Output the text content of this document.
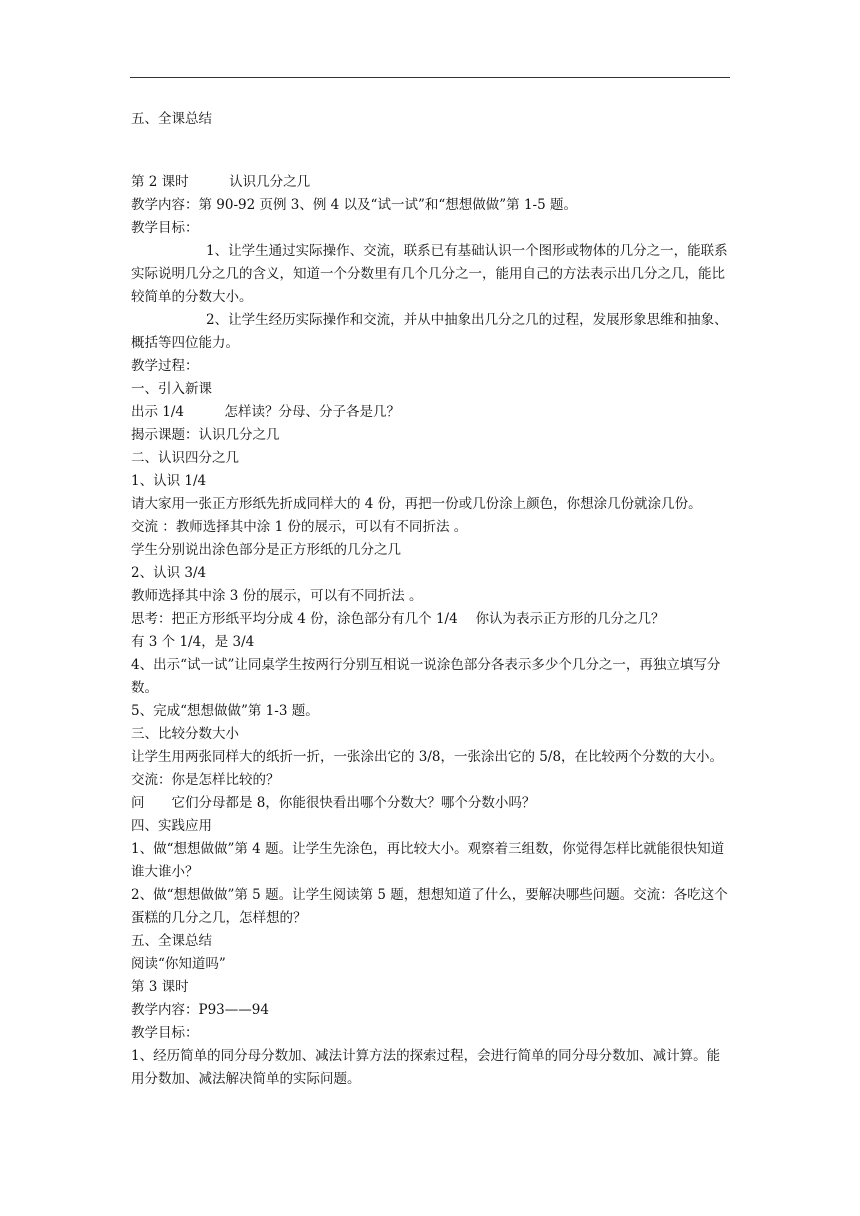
五、全课总结

第 2 课时　　　认识几分之几

教学内容：第 90-92 页例 3、例 4 以及“试一试”和“想想做做”第 1-5 题。

教学目标：

1、让学生通过实际操作、交流，联系已有基础认识一个图形或物体的几分之一，能联系实际说明几分之几的含义，知道一个分数里有几个几分之一，能用自己的方法表示出几分之几，能比较简单的分数大小。

2、让学生经历实际操作和交流，并从中抽象出几分之几的过程，发展形象思维和抽象、概括等四位能力。

教学过程：

一、引入新课

出示 1/4　　　怎样读？分母、分子各是几？

揭示课题：认识几分之几

二、认识四分之几

1、认识 1/4

请大家用一张正方形纸先折成同样大的 4 份，再把一份或几份涂上颜色，你想涂几份就涂几份。

交流 ：教师选择其中涂 1 份的展示，可以有不同折法 。

学生分别说出涂色部分是正方形纸的几分之几

2、认识 3/4

教师选择其中涂 3 份的展示，可以有不同折法 。

思考：把正方形纸平均分成 4 份，涂色部分有几个 1/4　 你认为表示正方形的几分之几？

有 3 个 1/4，是 3/4

4、出示“试一试”让同桌学生按两行分别互相说一说涂色部分各表示多少个几分之一，再独立填写分数。

5、完成“想想做做”第 1-3 题。

三、比较分数大小

让学生用两张同样大的纸折一折，一张涂出它的 3/8，一张涂出它的 5/8，在比较两个分数的大小。交流：你是怎样比较的？

问　　它们分母都是 8，你能很快看出哪个分数大？哪个分数小吗？

四、实践应用

1、做“想想做做”第 4 题。让学生先涂色，再比较大小。观察着三组数，你觉得怎样比就能很快知道谁大谁小？

2、做“想想做做”第 5 题。让学生阅读第 5 题，想想知道了什么，要解决哪些问题。交流：各吃这个蛋糕的几分之几，怎样想的？

五、全课总结

阅读“你知道吗”

第 3 课时

教学内容：P93——94

教学目标：

1、经历简单的同分母分数加、减法计算方法的探索过程，会进行简单的同分母分数加、减计算。能用分数加、减法解决简单的实际问题。
